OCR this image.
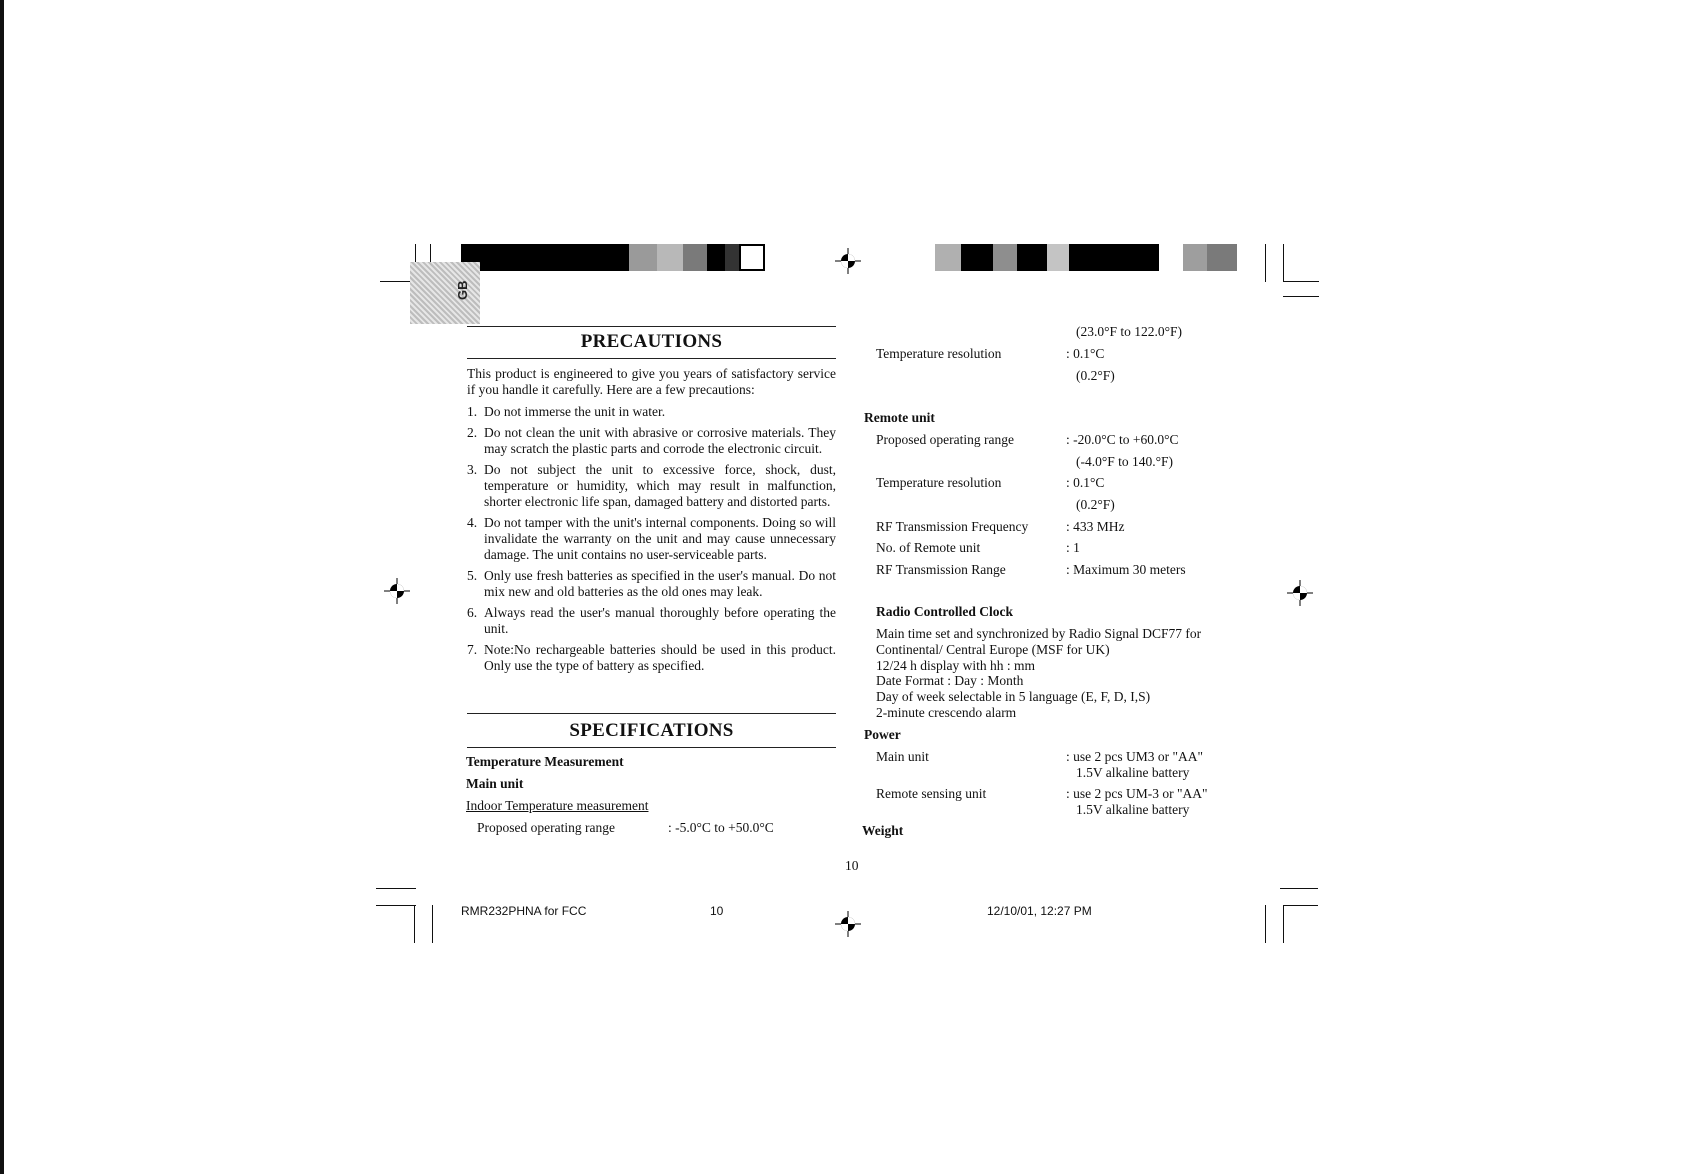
GB
PRECAUTIONS
This product is engineered to give you years of satisfactory service if you handle it carefully. Here are a few precautions:
1. Do not immerse the unit in water.
2. Do not clean the unit with abrasive or corrosive materials. They may scratch the plastic parts and corrode the electronic circuit.
3. Do not subject the unit to excessive force, shock, dust, temperature or humidity, which may result in malfunction, shorter electronic life span, damaged battery and distorted parts.
4. Do not tamper with the unit's internal components. Doing so will invalidate the warranty on the unit and may cause unnecessary damage. The unit contains no user-serviceable parts.
5. Only use fresh batteries as specified in the user's manual. Do not mix new and old batteries as the old ones may leak.
6. Always read the user's manual thoroughly before operating the unit.
7. Note:No rechargeable batteries should be used in this product. Only use the type of battery as specified.
SPECIFICATIONS
Temperature Measurement
Main unit
Indoor Temperature measurement
Proposed operating range	: -5.0°C to +50.0°C
(23.0°F to 122.0°F)
Temperature resolution	: 0.1°C
(0.2°F)
Remote unit
Proposed operating range	: -20.0°C to +60.0°C
(-4.0°F to 140.°F)
Temperature resolution	: 0.1°C
(0.2°F)
RF Transmission Frequency	: 433 MHz
No. of Remote unit	: 1
RF Transmission Range	: Maximum 30 meters
Radio Controlled Clock
Main time set and synchronized by Radio Signal DCF77 for
Continental/ Central Europe (MSF for UK)
12/24 h display with hh : mm
Date Format : Day : Month
Day of week selectable in 5 language (E, F, D, I,S)
2-minute crescendo alarm
Power
Main unit	: use 2 pcs UM3 or "AA"
1.5V alkaline battery
Remote sensing unit	: use 2 pcs UM-3 or "AA"
1.5V alkaline battery
Weight
10
RMR232PHNA for FCC	10	12/10/01, 12:27 PM
